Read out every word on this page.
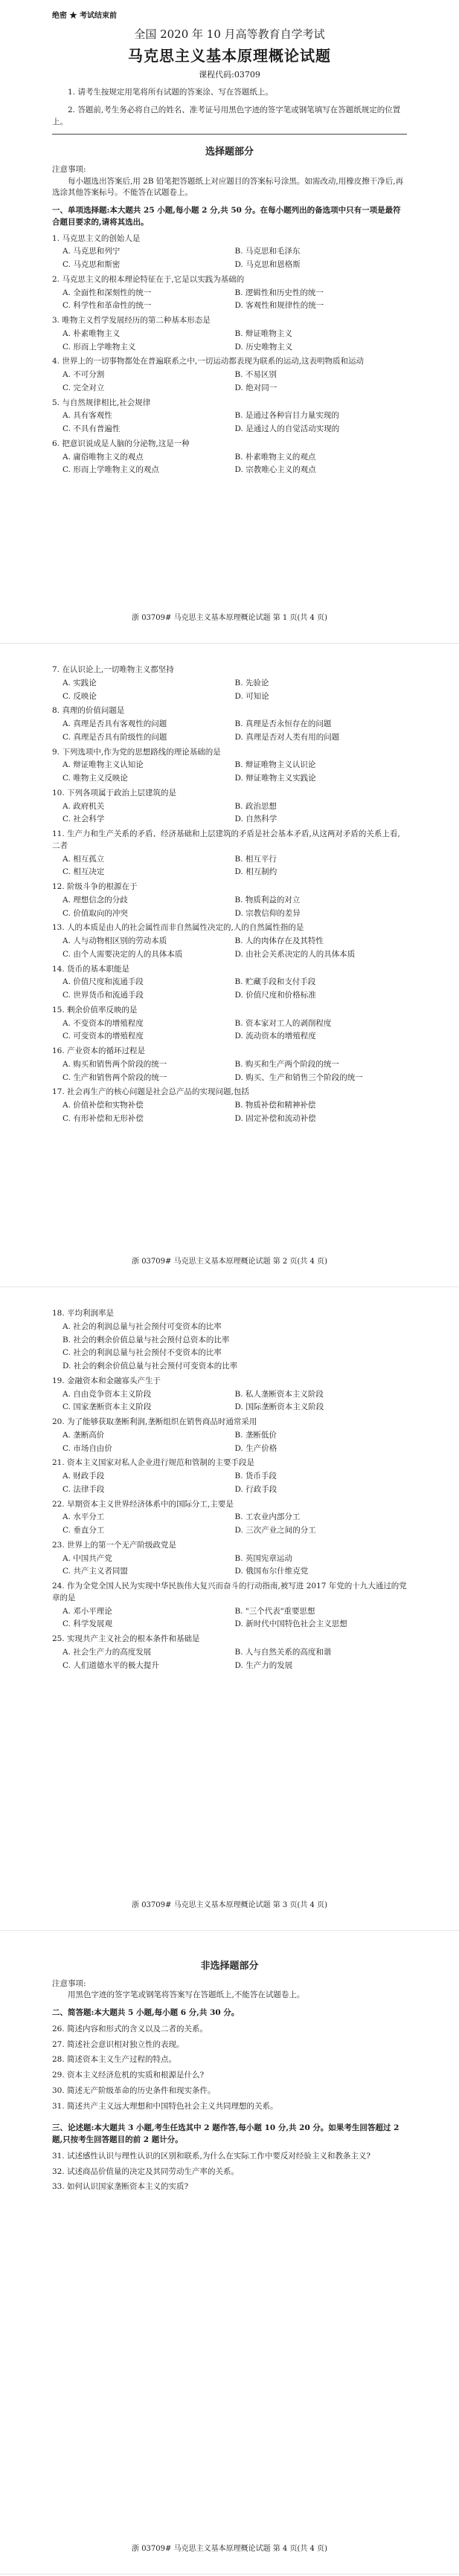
绝密 ★ 考试结束前
全国 2020 年 10 月高等教育自学考试
马克思主义基本原理概论试题
课程代码:03709
1. 请考生按规定用笔将所有试题的答案涂、写在答题纸上。
2. 答题前,考生务必将自己的姓名、准考证号用黑色字迹的签字笔或钢笔填写在答题纸规定的位置上。
选择题部分
注意事项:
每小题选出答案后,用 2B 铅笔把答题纸上对应题目的答案标号涂黑。如需改动,用橡皮擦干净后,再选涂其他答案标号。不能答在试题卷上。
一、单项选择题:本大题共 25 小题,每小题 2 分,共 50 分。在每小题列出的备选项中只有一项是最符合题目要求的,请将其选出。
1. 马克思主义的创始人是
A. 马克思和列宁	B. 马克思和毛泽东
C. 马克思和斯密	D. 马克思和恩格斯
2. 马克思主义的根本理论特征在于,它是以实践为基础的
A. 全面性和深刻性的统一	B. 逻辑性和历史性的统一
C. 科学性和革命性的统一	D. 客观性和规律性的统一
3. 唯物主义哲学发展经历的第二种基本形态是
A. 朴素唯物主义	B. 辩证唯物主义
C. 形而上学唯物主义	D. 历史唯物主义
4. 世界上的一切事物都处在普遍联系之中,一切运动都表现为联系的运动,这表明物质和运动
A. 不可分割	B. 不易区别
C. 完全对立	D. 绝对同一
5. 与自然规律相比,社会规律
A. 具有客观性	B. 是通过各种盲目力量实现的
C. 不具有普遍性	D. 是通过人的自觉活动实现的
6. 把意识说成是人脑的分泌物,这是一种
A. 庸俗唯物主义的观点	B. 朴素唯物主义的观点
C. 形而上学唯物主义的观点	D. 宗教唯心主义的观点
浙 03709# 马克思主义基本原理概论试题 第 1 页(共 4 页)
7. 在认识论上,一切唯物主义都坚持
A. 实践论	B. 先验论
C. 反映论	D. 可知论
8. 真理的价值问题是
A. 真理是否具有客观性的问题	B. 真理是否永恒存在的问题
C. 真理是否具有阶级性的问题	D. 真理是否对人类有用的问题
9. 下列选项中,作为党的思想路线的理论基础的是
A. 辩证唯物主义认知论	B. 辩证唯物主义认识论
C. 唯物主义反映论	D. 辩证唯物主义实践论
10. 下列各项属于政治上层建筑的是
A. 政府机关	B. 政治思想
C. 社会科学	D. 自然科学
11. 生产力和生产关系的矛盾、经济基础和上层建筑的矛盾是社会基本矛盾,从这两对矛盾的关系上看,二者
A. 相互孤立	B. 相互平行
C. 相互决定	D. 相互制约
12. 阶级斗争的根源在于
A. 理想信念的分歧	B. 物质利益的对立
C. 价值取向的冲突	D. 宗教信仰的差异
13. 人的本质是由人的社会属性而非自然属性决定的,人的自然属性指的是
A. 人与动物相区别的劳动本质	B. 人的肉体存在及其特性
C. 由个人需要决定的人的具体本质	D. 由社会关系决定的人的具体本质
14. 货币的基本职能是
A. 价值尺度和流通手段	B. 贮藏手段和支付手段
C. 世界货币和流通手段	D. 价值尺度和价格标准
15. 剩余价值率反映的是
A. 不变资本的增殖程度	B. 资本家对工人的剥削程度
C. 可变资本的增殖程度	D. 流动资本的增殖程度
16. 产业资本的循环过程是
A. 购买和销售两个阶段的统一	B. 购买和生产两个阶段的统一
C. 生产和销售两个阶段的统一	D. 购买、生产和销售三个阶段的统一
17. 社会再生产的核心问题是社会总产品的实现问题,包括
A. 价值补偿和实物补偿	B. 物质补偿和精神补偿
C. 有形补偿和无形补偿	D. 固定补偿和流动补偿
浙 03709# 马克思主义基本原理概论试题 第 2 页(共 4 页)
18. 平均利润率是
A. 社会的利润总量与社会预付可变资本的比率
B. 社会的剩余价值总量与社会预付总资本的比率
C. 社会的利润总量与社会预付不变资本的比率
D. 社会的剩余价值总量与社会预付可变资本的比率
19. 金融资本和金融寡头产生于
A. 自由竞争资本主义阶段	B. 私人垄断资本主义阶段
C. 国家垄断资本主义阶段	D. 国际垄断资本主义阶段
20. 为了能够获取垄断利润,垄断组织在销售商品时通常采用
A. 垄断高价	B. 垄断低价
C. 市场自由价	D. 生产价格
21. 资本主义国家对私人企业进行规范和管制的主要手段是
A. 财政手段	B. 货币手段
C. 法律手段	D. 行政手段
22. 早期资本主义世界经济体系中的国际分工,主要是
A. 水平分工	B. 工农业内部分工
C. 垂直分工	D. 三次产业之间的分工
23. 世界上的第一个无产阶级政党是
A. 中国共产党	B. 英国宪章运动
C. 共产主义者同盟	D. 俄国布尔什维克党
24. 作为全党全国人民为实现中华民族伟大复兴而奋斗的行动指南,被写进 2017 年党的十九大通过的党章的是
A. 邓小平理论	B. "三个代表"重要思想
C. 科学发展观	D. 新时代中国特色社会主义思想
25. 实现共产主义社会的根本条件和基础是
A. 社会生产力的高度发展	B. 人与自然关系的高度和谐
C. 人们道德水平的极大提升	D. 生产力的发展
浙 03709# 马克思主义基本原理概论试题 第 3 页(共 4 页)
非选择题部分
注意事项:
用黑色字迹的签字笔或钢笔将答案写在答题纸上,不能答在试题卷上。
二、简答题:本大题共 5 小题,每小题 6 分,共 30 分。
26. 简述内容和形式的含义以及二者的关系。
27. 简述社会意识相对独立性的表现。
28. 简述资本主义生产过程的特点。
29. 资本主义经济危机的实质和根源是什么?
30. 简述无产阶级革命的历史条件和现实条件。
31. 简述共产主义远大理想和中国特色社会主义共同理想的关系。
三、论述题:本大题共 3 小题,考生任选其中 2 题作答,每小题 10 分,共 20 分。如果考生回答超过 2 题,只按考生回答题目的前 2 题计分。
31. 试述感性认识与理性认识的区别和联系,为什么在实际工作中要反对经验主义和教条主义?
32. 试述商品价值量的决定及其同劳动生产率的关系。
33. 如何认识国家垄断资本主义的实质?
浙 03709# 马克思主义基本原理概论试题 第 4 页(共 4 页)
